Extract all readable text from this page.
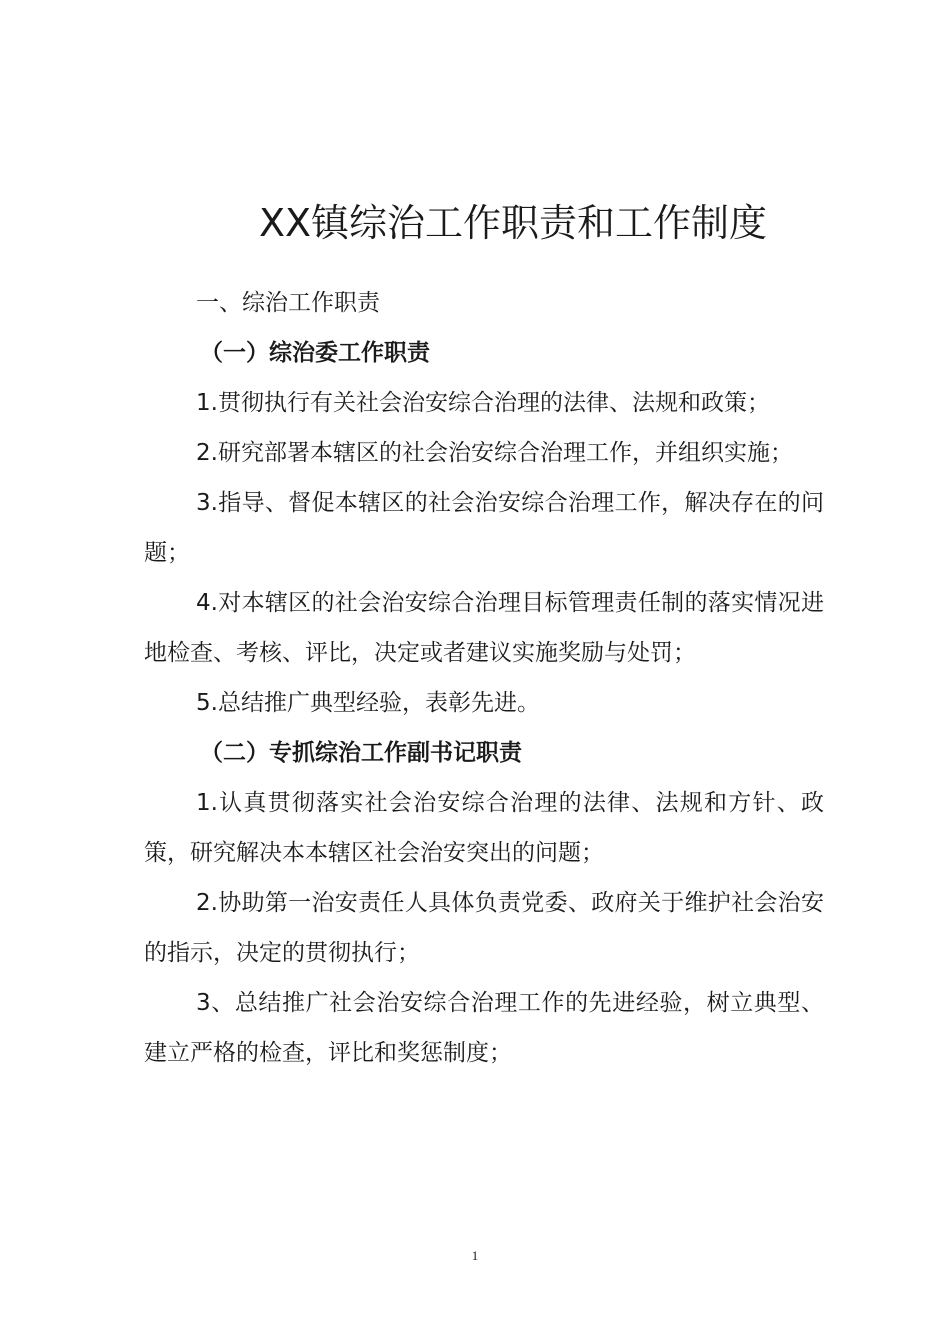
XX镇综治工作职责和工作制度

一、综治工作职责

（一）综治委工作职责

1.贯彻执行有关社会治安综合治理的法律、法规和政策；

2.研究部署本辖区的社会治安综合治理工作，并组织实施；

3.指导、督促本辖区的社会治安综合治理工作，解决存在的问题；

4.对本辖区的社会治安综合治理目标管理责任制的落实情况进地检查、考核、评比，决定或者建议实施奖励与处罚；

5.总结推广典型经验，表彰先进。

（二）专抓综治工作副书记职责

1.认真贯彻落实社会治安综合治理的法律、法规和方针、政策，研究解决本本辖区社会治安突出的问题；

2.协助第一治安责任人具体负责党委、政府关于维护社会治安的指示，决定的贯彻执行；

3、总结推广社会治安综合治理工作的先进经验，树立典型、建立严格的检查，评比和奖惩制度；

1
